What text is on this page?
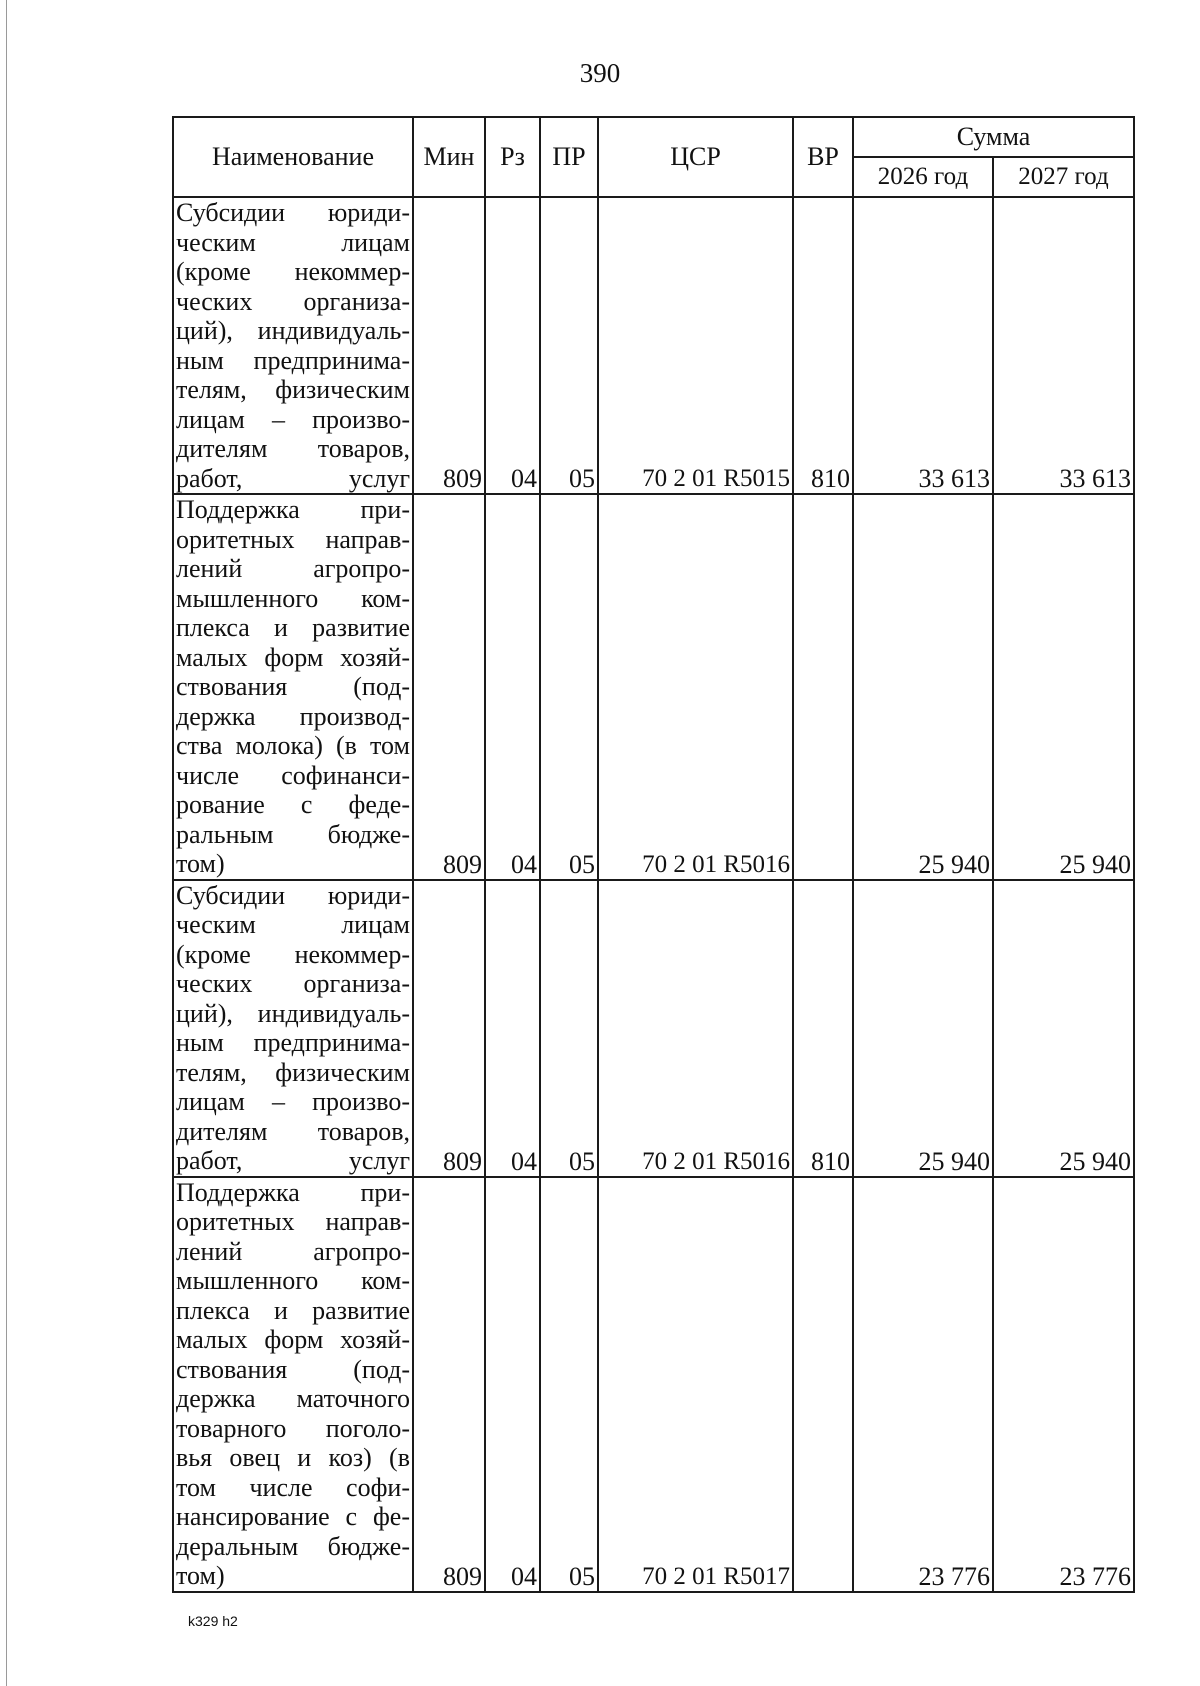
390
Наименование	Мин	Рз	ПР	ЦСР	ВР	Сумма	
						2026 год	2027 год
Субсидии юриди-ческим лицам (кроме некоммер-ческих организа-ций), индивидуаль-ным предпринима-телям, физическим лицам – произво-дителям товаров, работ, услуг	809	04	05	70 2 01 R5015	810	33 613	33 613
Поддержка при-оритетных направ-лений агропро-мышленного ком-плекса и развитие малых форм хозяй-ствования (под-держка производ-ства молока) (в том числе софинанси-рование с феде-ральным бюдже-том)	809	04	05	70 2 01 R5016		25 940	25 940
Субсидии юриди-ческим лицам (кроме некоммер-ческих организа-ций), индивидуаль-ным предпринима-телям, физическим лицам – произво-дителям товаров, работ, услуг	809	04	05	70 2 01 R5016	810	25 940	25 940
Поддержка при-оритетных направ-лений агропро-мышленного ком-плекса и развитие малых форм хозяй-ствования (под-держка маточного товарного поголо-вья овец и коз) (в том числе софи-нансирование с фе-деральным бюдже-том)	809	04	05	70 2 01 R5017		23 776	23 776
k329 h2
